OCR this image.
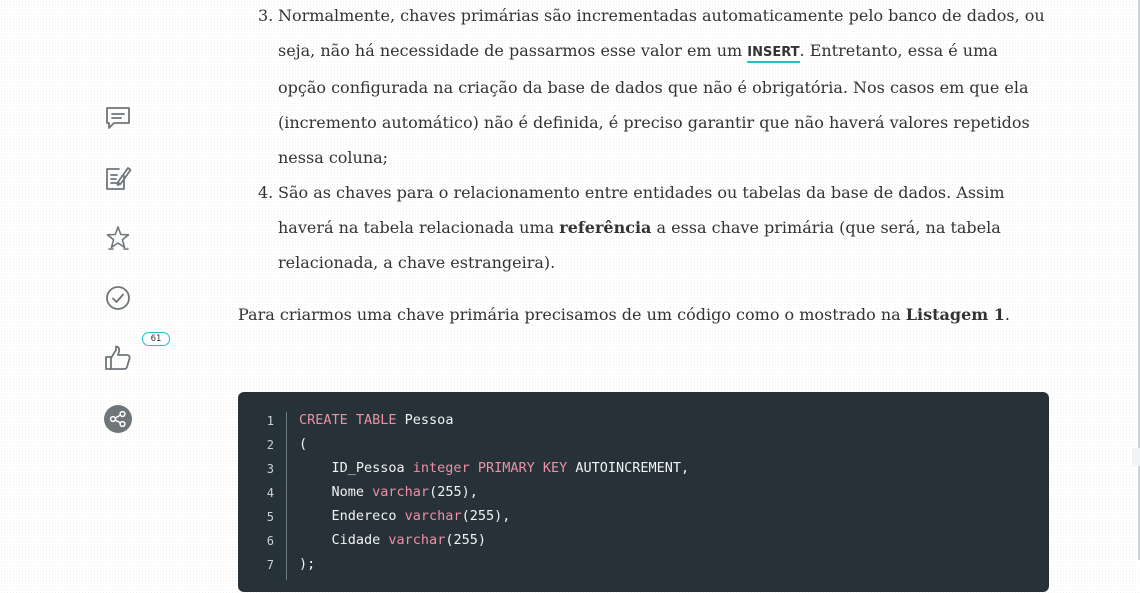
61
3. Normalmente, chaves primárias são incrementadas automaticamente pelo banco de dados, ou seja, não há necessidade de passarmos esse valor em um INSERT. Entretanto, essa é uma opção configurada na criação da base de dados que não é obrigatória. Nos casos em que ela (incremento automático) não é definida, é preciso garantir que não haverá valores repetidos nessa coluna;
4. São as chaves para o relacionamento entre entidades ou tabelas da base de dados. Assim haverá na tabela relacionada uma referência a essa chave primária (que será, na tabela relacionada, a chave estrangeira).

Para criarmos uma chave primária precisamos de um código como o mostrado na Listagem 1.

1
2
3
4
5
6
7
CREATE TABLE Pessoa
(
ID_Pessoa integer PRIMARY KEY AUTOINCREMENT,
Nome varchar(255),
Endereco varchar(255),
Cidade varchar(255)
);
